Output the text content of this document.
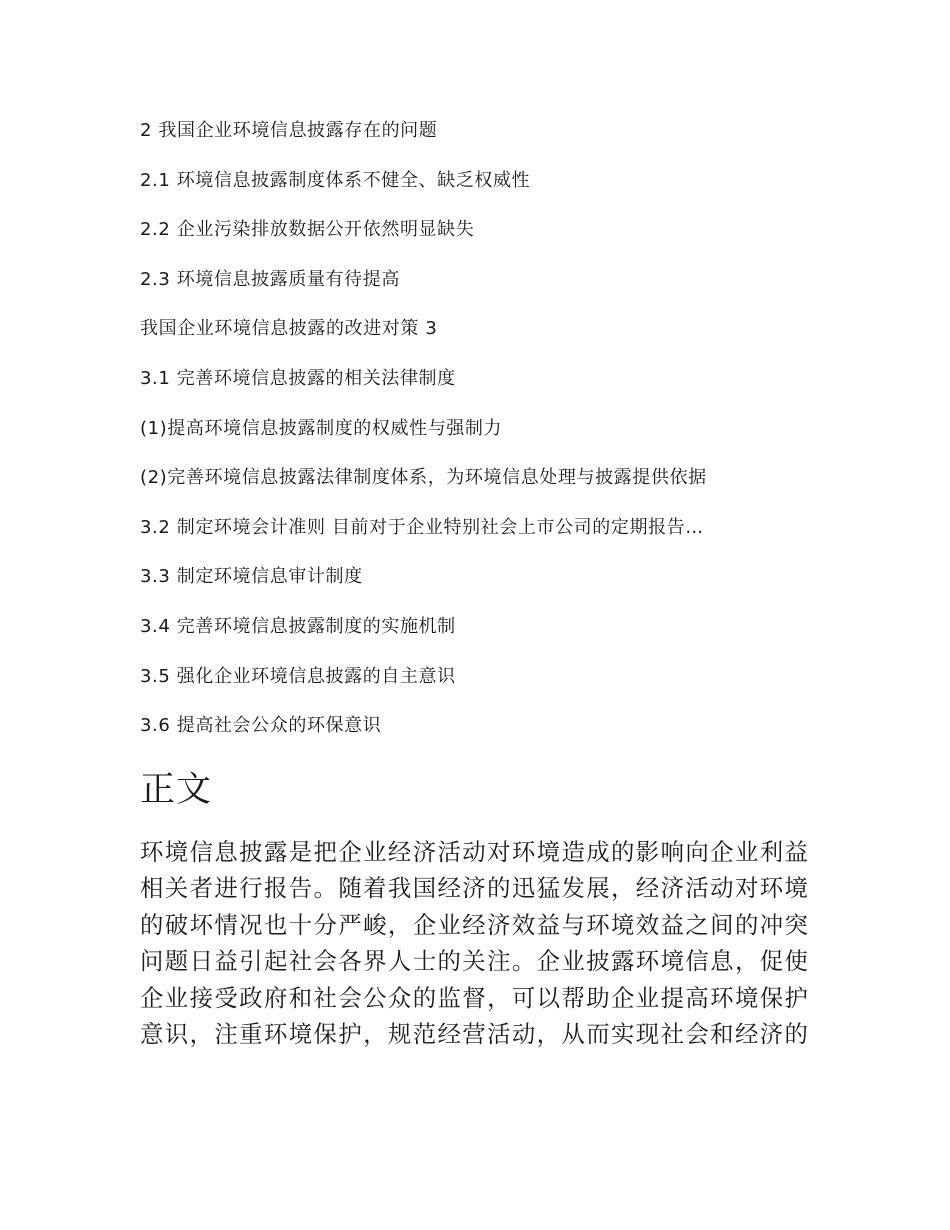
2 我国企业环境信息披露存在的问题
2.1 环境信息披露制度体系不健全、缺乏权威性
2.2 企业污染排放数据公开依然明显缺失
2.3 环境信息披露质量有待提高
我国企业环境信息披露的改进对策 3
3.1 完善环境信息披露的相关法律制度
(1)提高环境信息披露制度的权威性与强制力
(2)完善环境信息披露法律制度体系，为环境信息处理与披露提供依据
3.2 制定环境会计准则 目前对于企业特别社会上市公司的定期报告…
3.3 制定环境信息审计制度
3.4 完善环境信息披露制度的实施机制
3.5 强化企业环境信息披露的自主意识
3.6 提高社会公众的环保意识
正文

环境信息披露是把企业经济活动对环境造成的影响向企业利益
相关者进行报告。随着我国经济的迅猛发展，经济活动对环境
的破坏情况也十分严峻，企业经济效益与环境效益之间的冲突
问题日益引起社会各界人士的关注。企业披露环境信息，促使
企业接受政府和社会公众的监督，可以帮助企业提高环境保护
意识，注重环境保护，规范经营活动，从而实现社会和经济的
